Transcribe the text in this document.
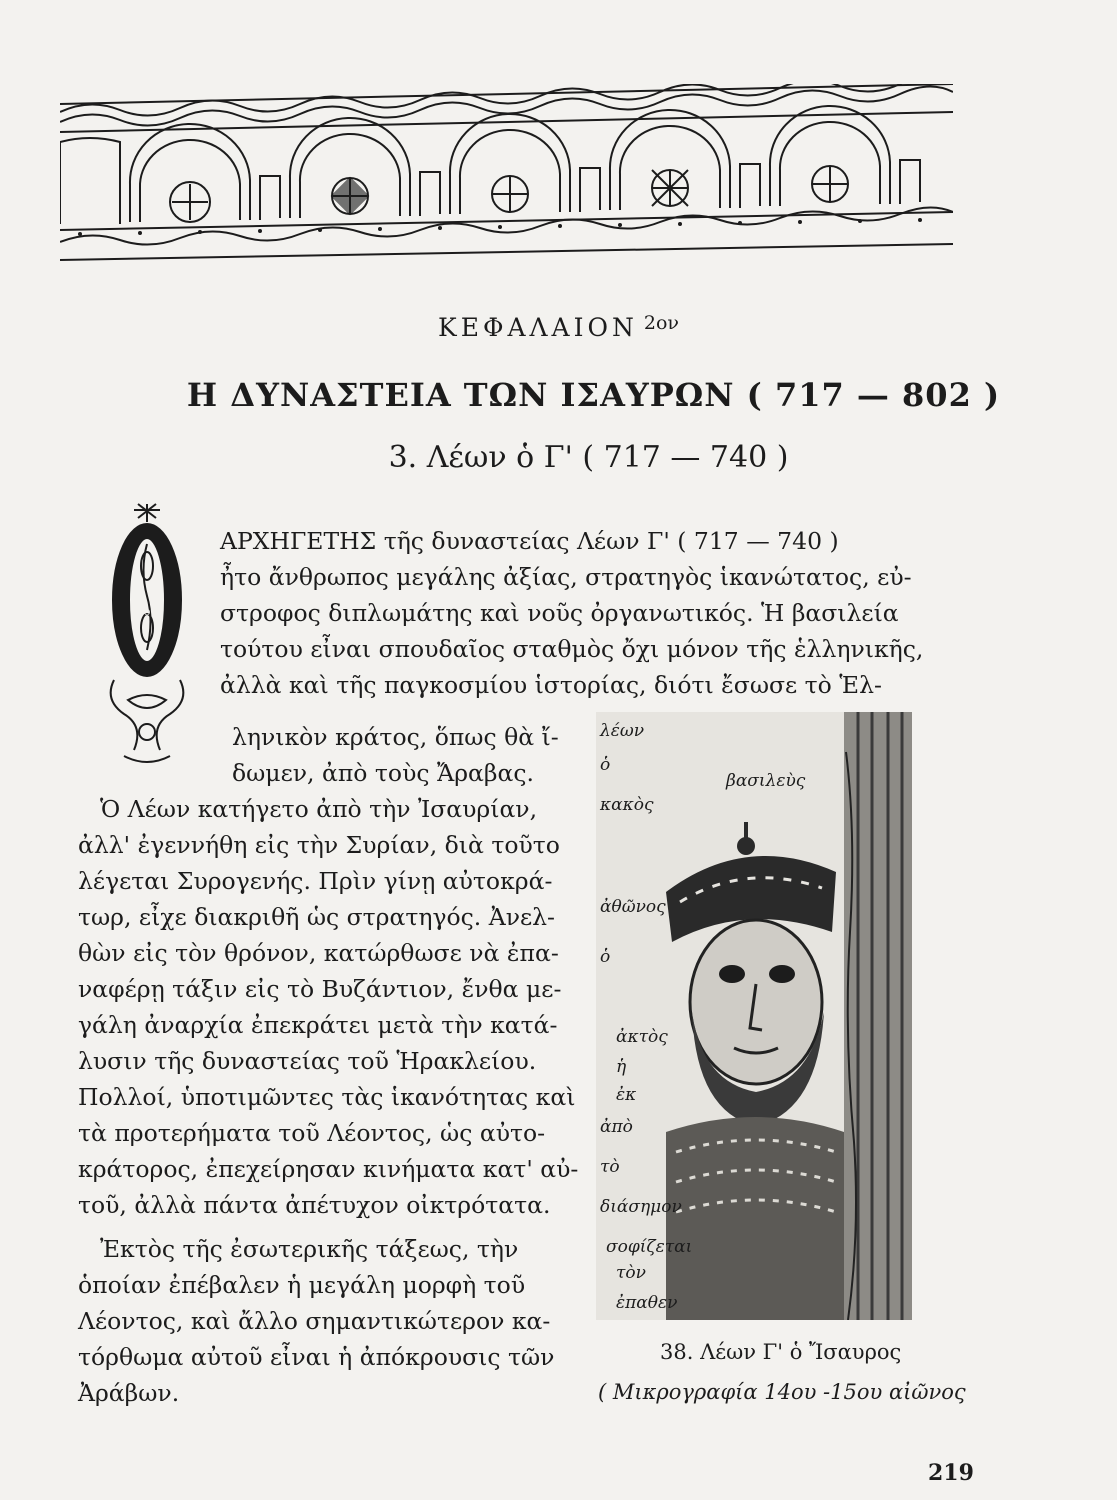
ΚΕΦΑΛΑΙΟΝ $^{2o\nu}$
Η ΔΥΝΑΣΤΕΙΑ ΤΩΝ ΙΣΑΥΡΩΝ ( 717 — 802 )
3. Λέων ὁ Γ' ( 717 — 740 )
Ο
ΑΡΧΗΓΕΤΗΣ τῆς δυναστείας Λέων Γ' ( 717 — 740 )
ἦτο ἄνθρωπος μεγάλης ἀξίας, στρατηγὸς ἱκανώτατος, εὐ-
στροφος διπλωμάτης καὶ νοῦς ὀργανωτικός. Ἡ βασιλεία
τούτου εἶναι σπουδαῖος σταθμὸς ὄχι μόνον τῆς ἑλληνικῆς,
ἀλλὰ καὶ τῆς παγκοσμίου ἱστορίας, διότι ἔσωσε τὸ Ἑλ-
ληνικὸν κράτος, ὅπως θὰ ἴ-
δωμεν, ἀπὸ τοὺς Ἄραβας.
Ὁ Λέων κατήγετο ἀπὸ τὴν Ἰσαυρίαν,
ἀλλ' ἐγεννήθη εἰς τὴν Συρίαν, διὰ τοῦτο
λέγεται Συρογενής. Πρὶν γίνῃ αὐτοκρά-
τωρ, εἶχε διακριθῆ ὡς στρατηγός. Ἀνελ-
θὼν εἰς τὸν θρόνον, κατώρθωσε νὰ ἐπα-
ναφέρῃ τάξιν εἰς τὸ Βυζάντιον, ἔνθα με-
γάλη ἀναρχία ἐπεκράτει μετὰ τὴν κατά-
λυσιν τῆς δυναστείας τοῦ Ἡρακλείου.
Πολλοί, ὑποτιμῶντες τὰς ἱκανότητας καὶ
τὰ προτερήματα τοῦ Λέοντος, ὡς αὐτο-
κράτορος, ἐπεχείρησαν κινήματα κατ' αὐ-
τοῦ, ἀλλὰ πάντα ἀπέτυχον οἰκτρότατα.
Ἐκτὸς τῆς ἐσωτερικῆς τάξεως, τὴν
ὁποίαν ἐπέβαλεν ἡ μεγάλη μορφὴ τοῦ
Λέοντος, καὶ ἄλλο σημαντικώτερον κα-
τόρθωμα αὐτοῦ εἶναι ἡ ἀπόκρουσις τῶν
Ἀράβων.
λέων
ὁ
κακὸς
βασιλεὺς
ἀθῶνος
ὁ
ἀκτὸς
ἡ
ἐκ
ἀπὸ
τὸ
διάσημον
σοφίζεται
τὸν
ἐπαθεν
38. Λέων Γ' ὁ Ἴσαυρος
( Μικρογραφία 14ου -15ου αἰῶνος
219
